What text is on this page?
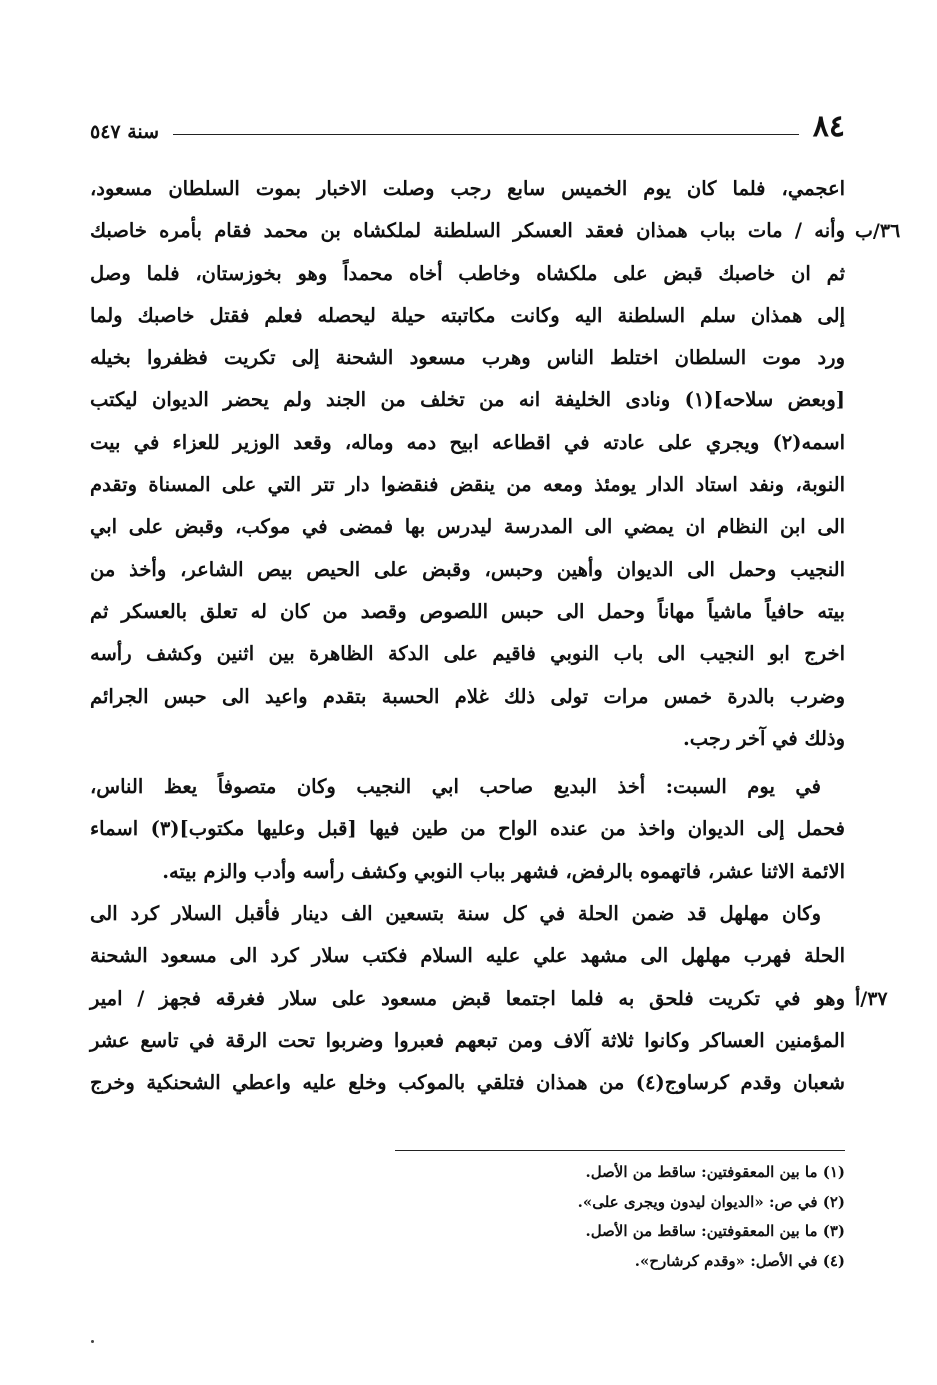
٨٤
سنة ٥٤٧
اعجمي، فلما كان يوم الخميس سابع رجب وصلت الاخبار بموت السلطان مسعود،
وأنه / مات بباب همذان فعقد العسكر السلطنة لملكشاه بن محمد فقام بأمره خاصبك ٣٦/ب
ثم ان خاصبك قبض على ملكشاه وخاطب أخاه محمداً وهو بخوزستان، فلما وصل
إلى همذان سلم السلطنة اليه وكانت مكاتبته حيلة ليحصله فعلم فقتل خاصبك ولما
ورد موت السلطان اختلط الناس وهرب مسعود الشحنة إلى تكريت فظفروا بخيله
[وبعض سلاحه](١) ونادى الخليفة انه من تخلف من الجند ولم يحضر الديوان ليكتب
اسمه(٢) ويجري على عادته في اقطاعه ابيح دمه وماله، وقعد الوزير للعزاء في بيت
النوبة، ونفد استاد الدار يومئذ ومعه من ينقض فنقضوا دار تتر التي على المسناة وتقدم
الى ابن النظام ان يمضي الى المدرسة ليدرس بها فمضى في موكب، وقبض على ابي
النجيب وحمل الى الديوان وأهين وحبس، وقبض على الحيص بيص الشاعر، وأخذ من
بيته حافياً ماشياً مهاناً وحمل الى حبس اللصوص وقصد من كان له تعلق بالعسكر ثم
اخرج ابو النجيب الى باب النوبي فاقيم على الدكة الظاهرة بين اثنين وكشف رأسه
وضرب بالدرة خمس مرات تولى ذلك غلام الحسبة بتقدم واعيد الى حبس الجرائم
وذلك في آخر رجب.
في يوم السبت: أخذ البديع صاحب ابي النجيب وكان متصوفاً يعظ الناس،
فحمل إلى الديوان واخذ من عنده الواح من طين فيها [قبل وعليها مكتوب](٣) اسماء
الائمة الاثنا عشر، فاتهموه بالرفض، فشهر بباب النوبي وكشف رأسه وأدب والزم بيته.
وكان مهلهل قد ضمن الحلة في كل سنة بتسعين الف دينار فأقبل السلار كرد الى
الحلة فهرب مهلهل الى مشهد علي عليه السلام فكتب سلار كرد الى مسعود الشحنة
وهو في تكريت فلحق به فلما اجتمعا قبض مسعود على سلار فغرقه فجهز / امير ٣٧/أ
المؤمنين العساكر وكانوا ثلاثة آلاف ومن تبعهم فعبروا وضربوا تحت الرقة في تاسع عشر
شعبان وقدم كرساوج(٤) من همذان فتلقي بالموكب وخلع عليه واعطي الشحنكية وخرج
(١) ما بين المعقوفتين: ساقط من الأصل.
(٢) في ص: «الديوان ليدون ويجرى على».
(٣) ما بين المعقوفتين: ساقط من الأصل.
(٤) في الأصل: «وقدم كرشارح».
